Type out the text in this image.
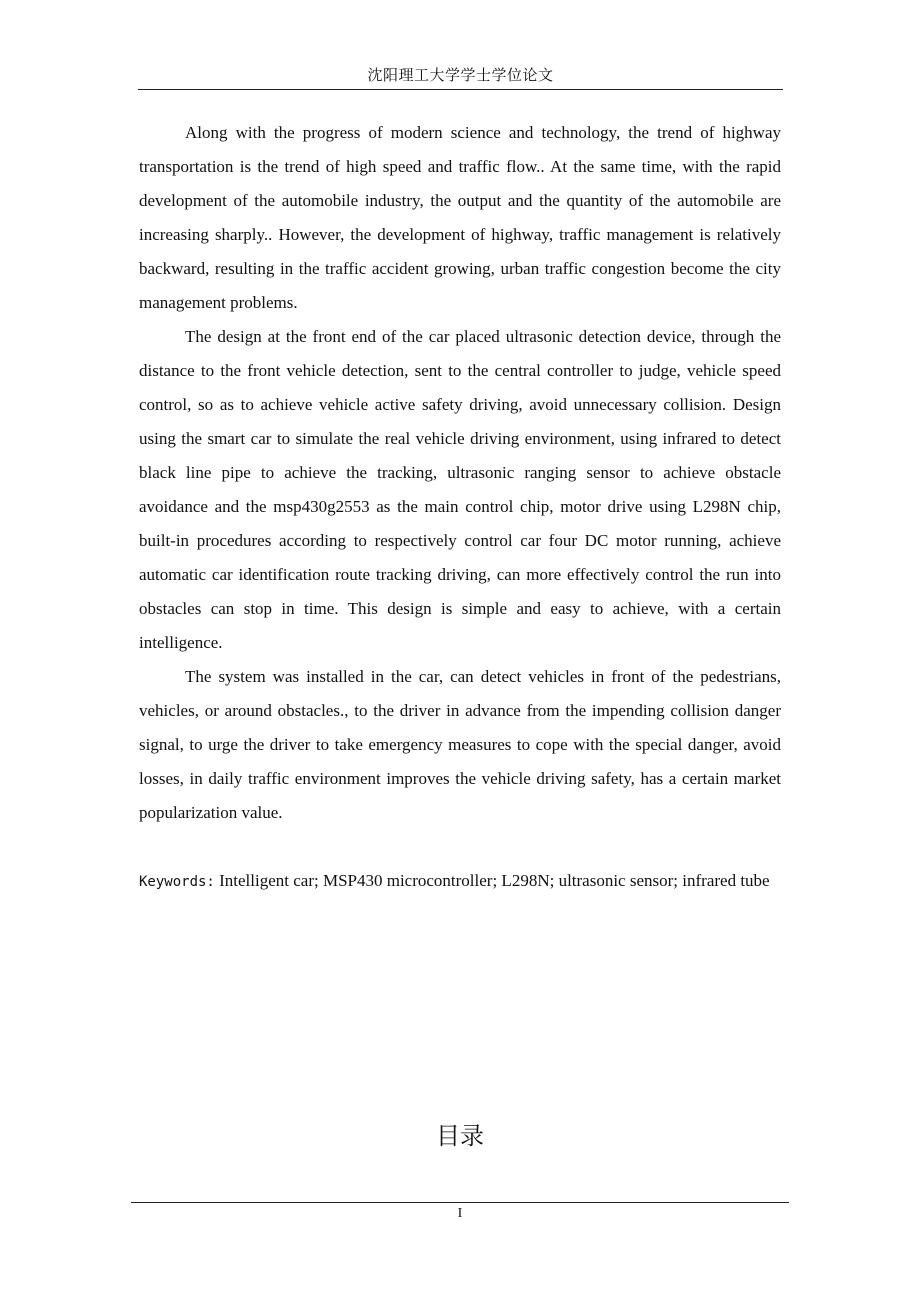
沈阳理工大学学士学位论文

Along with the progress of modern science and technology, the trend of highway transportation is the trend of high speed and traffic flow.. At the same time, with the rapid development of the automobile industry, the output and the quantity of the automobile are increasing sharply.. However, the development of highway, traffic management is relatively backward, resulting in the traffic accident growing, urban traffic congestion become the city management problems.

The design at the front end of the car placed ultrasonic detection device, through the distance to the front vehicle detection, sent to the central controller to judge, vehicle speed control, so as to achieve vehicle active safety driving, avoid unnecessary collision. Design using the smart car to simulate the real vehicle driving environment, using infrared to detect black line pipe to achieve the tracking, ultrasonic ranging sensor to achieve obstacle avoidance and the msp430g2553 as the main control chip, motor drive using L298N chip, built-in procedures according to respectively control car four DC motor running, achieve automatic car identification route tracking driving, can more effectively control the run into obstacles can stop in time. This design is simple and easy to achieve, with a certain intelligence.

The system was installed in the car, can detect vehicles in front of the pedestrians, vehicles, or around obstacles., to the driver in advance from the impending collision danger signal, to urge the driver to take emergency measures to cope with the special danger, avoid losses, in daily traffic environment improves the vehicle driving safety, has a certain market popularization value.

Keywords: Intelligent car; MSP430 microcontroller; L298N; ultrasonic sensor; infrared tube
目录
I
